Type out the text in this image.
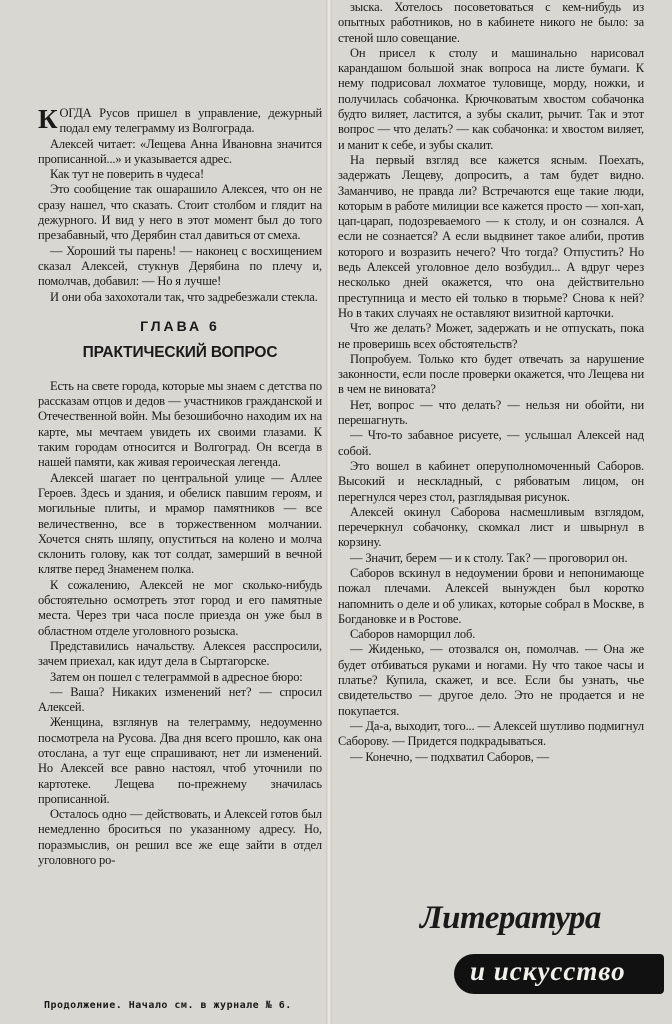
КОГДА Русов пришел в управление, дежурный подал ему телеграмму из Волгограда.

Алексей читает: «Лещева Анна Ивановна значится прописанной...» и указывается адрес.

Как тут не поверить в чудеса!

Это сообщение так ошарашило Алексея, что он не сразу нашел, что сказать. Стоит столбом и глядит на дежурного. И вид у него в этот момент был до того презабавный, что Дерябин стал давиться от смеха.

— Хороший ты парень! — наконец с восхищением сказал Алексей, стукнув Дерябина по плечу и, помолчав, добавил: — Но я лучше!

И они оба захохотали так, что задребезжали стекла.

ГЛАВА 6
ПРАКТИЧЕСКИЙ ВОПРОС

Есть на свете города, которые мы знаем с детства по рассказам отцов и дедов — участников гражданской и Отечественной войн. Мы безошибочно находим их на карте, мы мечтаем увидеть их своими глазами. К таким городам относится и Волгоград. Он всегда в нашей памяти, как живая героическая легенда.

Алексей шагает по центральной улице — Аллее Героев. Здесь и здания, и обелиск павшим героям, и могильные плиты, и мрамор памятников — все величественно, все в торжественном молчании. Хочется снять шляпу, опуститься на колено и молча склонить голову, как тот солдат, замерший в вечной клятве перед Знаменем полка.

К сожалению, Алексей не мог сколько-нибудь обстоятельно осмотреть этот город и его памятные места. Через три часа после приезда он уже был в областном отделе уголовного розыска.

Представились начальству. Алексея расспросили, зачем приехал, как идут дела в Сыртагорске.

Затем он пошел с телеграммой в адресное бюро:

— Ваша? Никаких изменений нет? — спросил Алексей.

Женщина, взглянув на телеграмму, недоуменно посмотрела на Русова. Два дня всего прошло, как она отослана, а тут еще спрашивают, нет ли изменений. Но Алексей все равно настоял, чтоб уточнили по картотеке. Лещева по-прежнему значилась прописанной.

Осталось одно — действовать, и Алексей готов был немедленно броситься по указанному адресу. Но, поразмыслив, он решил все же еще зайти в отдел уголовного ро-

зыска. Хотелось посоветоваться с кем-нибудь из опытных работников, но в кабинете никого не было: за стеной шло совещание.

Он присел к столу и машинально нарисовал карандашом большой знак вопроса на листе бумаги. К нему подрисовал лохматое туловище, морду, ножки, и получилась собачонка. Крючковатым хвостом собачонка будто виляет, ластится, а зубы скалит, рычит. Так и этот вопрос — что делать? — как собачонка: и хвостом виляет, и манит к себе, и зубы скалит.

На первый взгляд все кажется ясным. Поехать, задержать Лещеву, допросить, а там будет видно. Заманчиво, не правда ли? Встречаются еще такие люди, которым в работе милиции все кажется просто — хоп-хап, цап-царап, подозреваемого — к столу, и он сознался. А если не сознается? А если выдвинет такое алиби, против которого и возразить нечего? Что тогда? Отпустить? Но ведь Алексей уголовное дело возбудил... А вдруг через несколько дней окажется, что она действительно преступница и место ей только в тюрьме? Снова к ней? Но в таких случаях не оставляют визитной карточки.

Что же делать? Может, задержать и не отпускать, пока не проверишь всех обстоятельств?

Попробуем. Только кто будет отвечать за нарушение законности, если после проверки окажется, что Лещева ни в чем не виновата?

Нет, вопрос — что делать? — нельзя ни обойти, ни перешагнуть.

— Что-то забавное рисуете, — услышал Алексей над собой.

Это вошел в кабинет оперуполномоченный Саборов. Высокий и нескладный, с рябоватым лицом, он перегнулся через стол, разглядывая рисунок.

Алексей окинул Саборова насмешливым взглядом, перечеркнул собачонку, скомкал лист и швырнул в корзину.

— Значит, берем — и к столу. Так? — проговорил он.

Саборов вскинул в недоумении брови и непонимающе пожал плечами. Алексей вынужден был коротко напомнить о деле и об уликах, которые собрал в Москве, в Богдановке и в Ростове.

Саборов наморщил лоб.

— Жиденько, — отозвался он, помолчав. — Она же будет отбиваться руками и ногами. Ну что такое часы и платье? Купила, скажет, и все. Если бы узнать, чье свидетельство — другое дело. Это не продается и не покупается.

— Да-а, выходит, того... — Алексей шутливо подмигнул Саборову. — Придется подкрадываться.

— Конечно, — подхватил Саборов, —

Продолжение. Начало см. в журнале № 6.
Литература
и искусство
